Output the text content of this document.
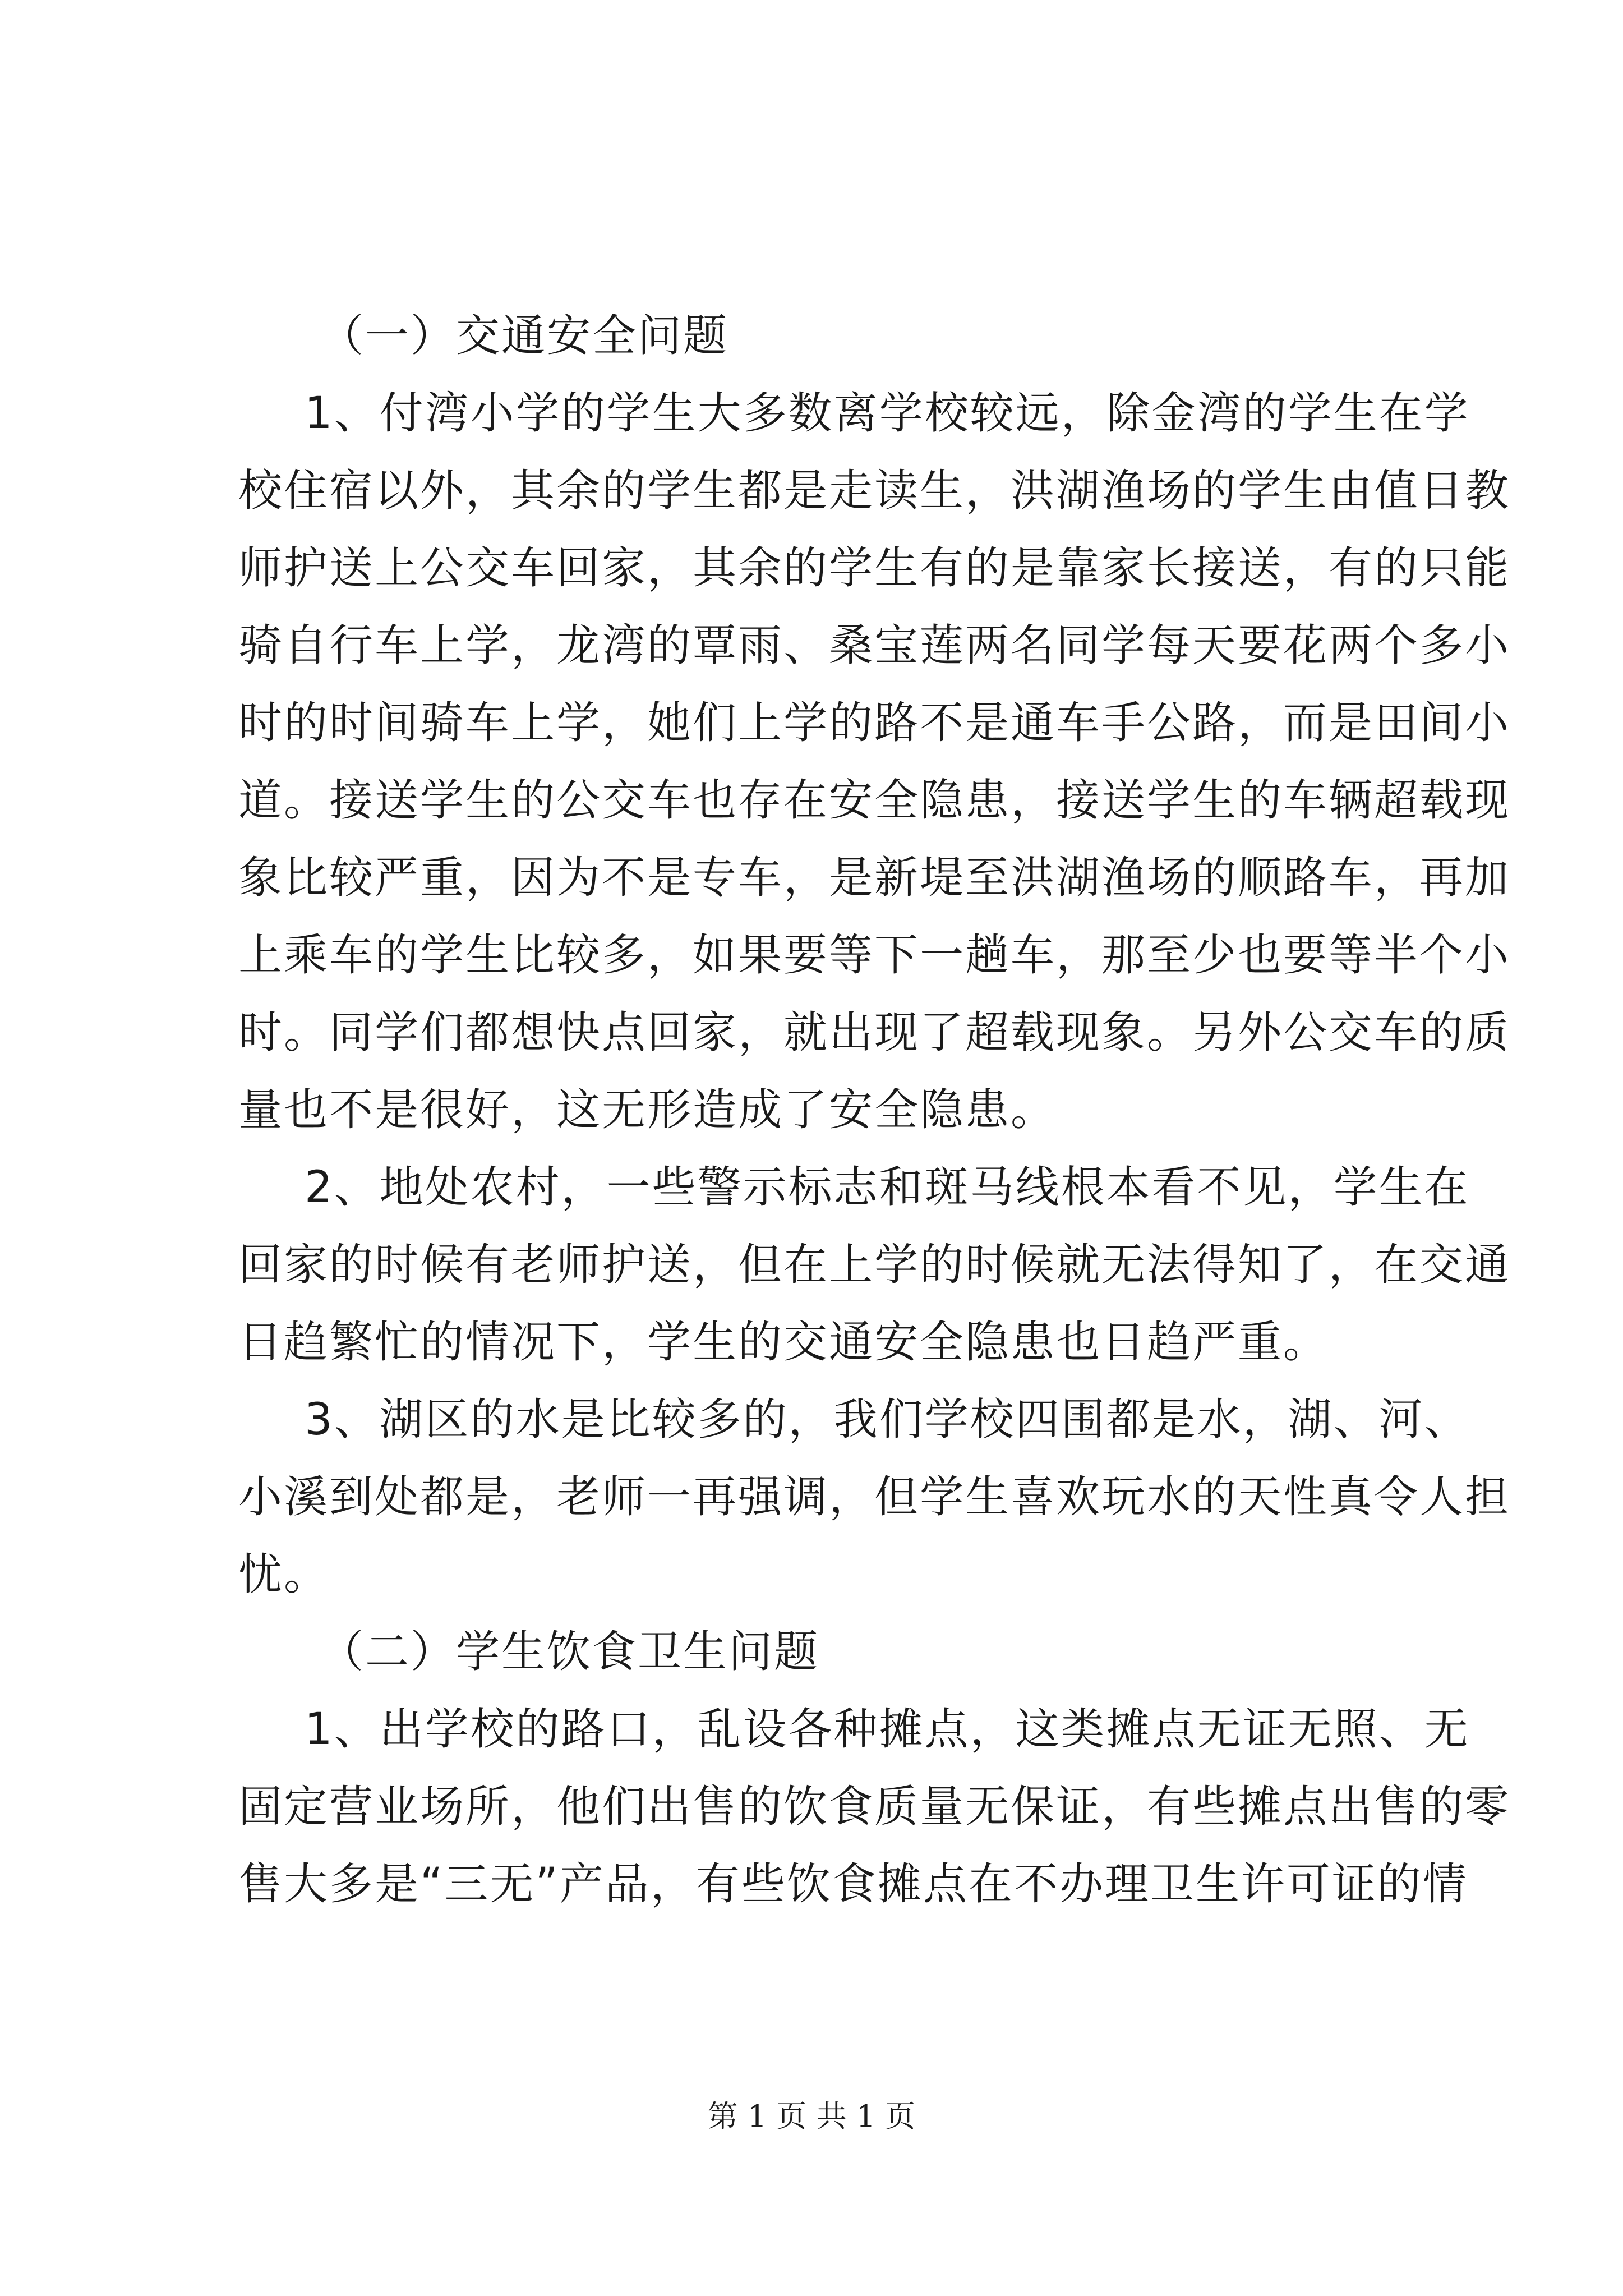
（一）交通安全问题

1、付湾小学的学生大多数离学校较远，除金湾的学生在学
校住宿以外，其余的学生都是走读生，洪湖渔场的学生由值日教
师护送上公交车回家，其余的学生有的是靠家长接送，有的只能
骑自行车上学，龙湾的覃雨、桑宝莲两名同学每天要花两个多小
时的时间骑车上学，她们上学的路不是通车手公路，而是田间小
道。接送学生的公交车也存在安全隐患，接送学生的车辆超载现
象比较严重，因为不是专车，是新堤至洪湖渔场的顺路车，再加
上乘车的学生比较多，如果要等下一趟车，那至少也要等半个小
时。同学们都想快点回家，就出现了超载现象。另外公交车的质
量也不是很好，这无形造成了安全隐患。
2、地处农村，一些警示标志和斑马线根本看不见，学生在
回家的时候有老师护送，但在上学的时候就无法得知了，在交通
日趋繁忙的情况下，学生的交通安全隐患也日趋严重。
3、湖区的水是比较多的，我们学校四围都是水，湖、河、
小溪到处都是，老师一再强调，但学生喜欢玩水的天性真令人担
忧。

（二）学生饮食卫生问题

1、出学校的路口，乱设各种摊点，这类摊点无证无照、无
固定营业场所，他们出售的饮食质量无保证，有些摊点出售的零
售大多是“三无”产品，有些饮食摊点在不办理卫生许可证的情
第 1 页 共 1 页
